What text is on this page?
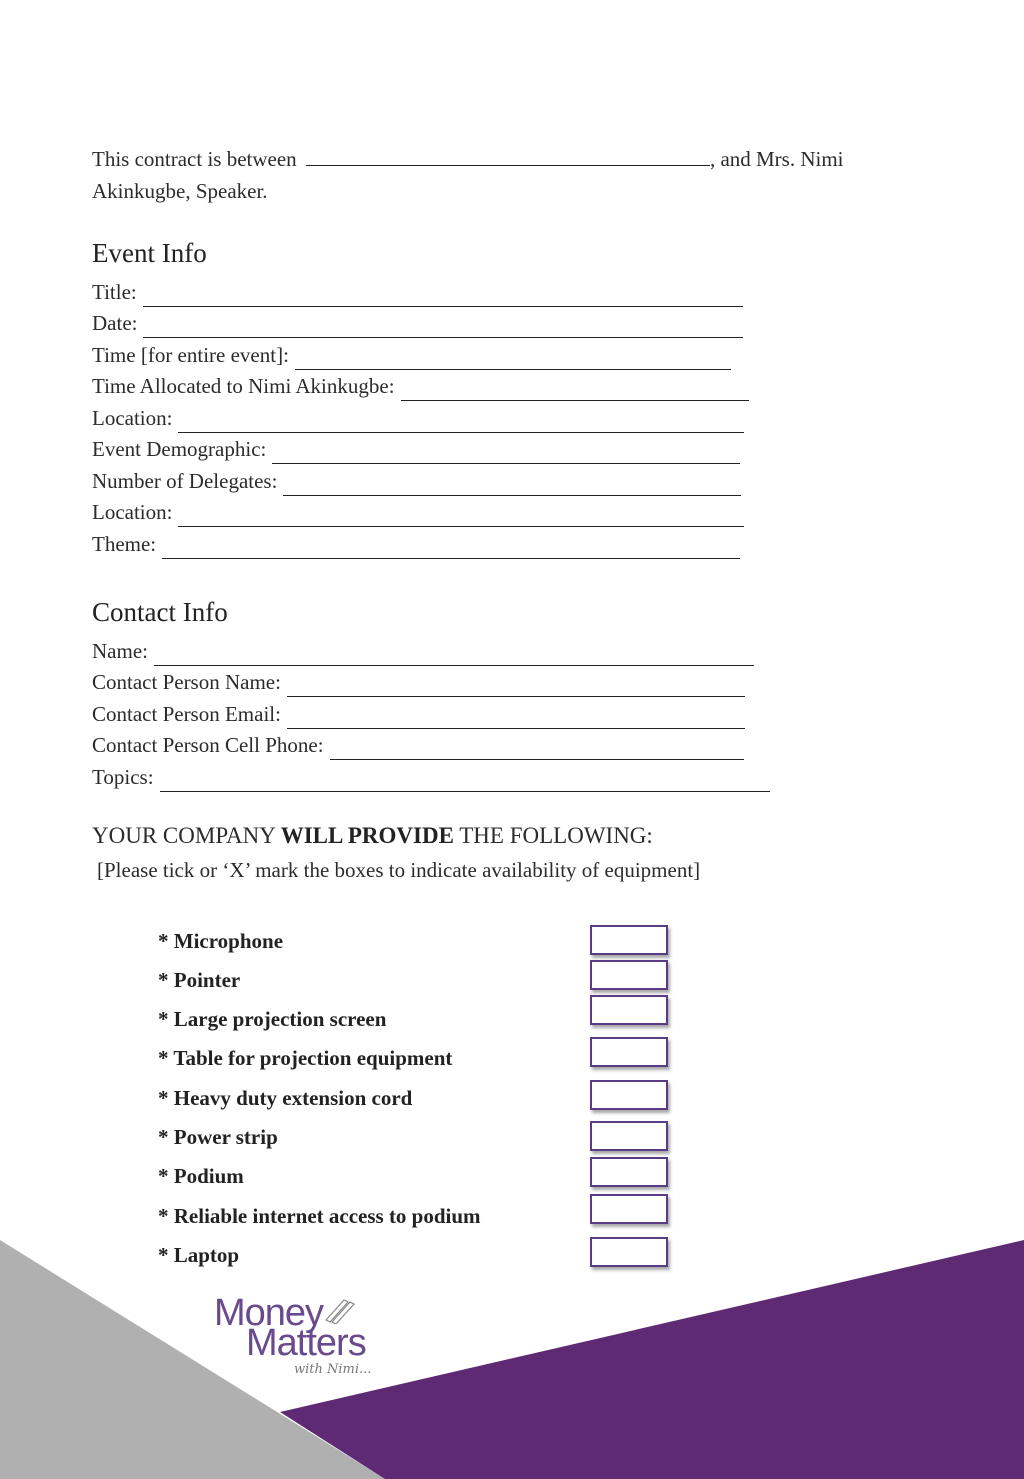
This contract is between	, and Mrs. Nimi
Akinkugbe, Speaker.
Event Info
Title:
Date:
Time [for entire event]:
Time Allocated to Nimi Akinkugbe:
Location:
Event Demographic:
Number of Delegates:
Location:
Theme:
Contact Info
Name:
Contact Person Name:
Contact Person Email:
Contact Person Cell Phone:
Topics:
YOUR COMPANY WILL PROVIDE THE FOLLOWING:
[Please tick or ‘X’ mark the boxes to indicate availability of equipment]
* Microphone
* Pointer
* Large projection screen
* Table for projection equipment
* Heavy duty extension cord
* Power strip
* Podium
* Reliable internet access to podium
* Laptop
Money
Matters
with Nimi...
